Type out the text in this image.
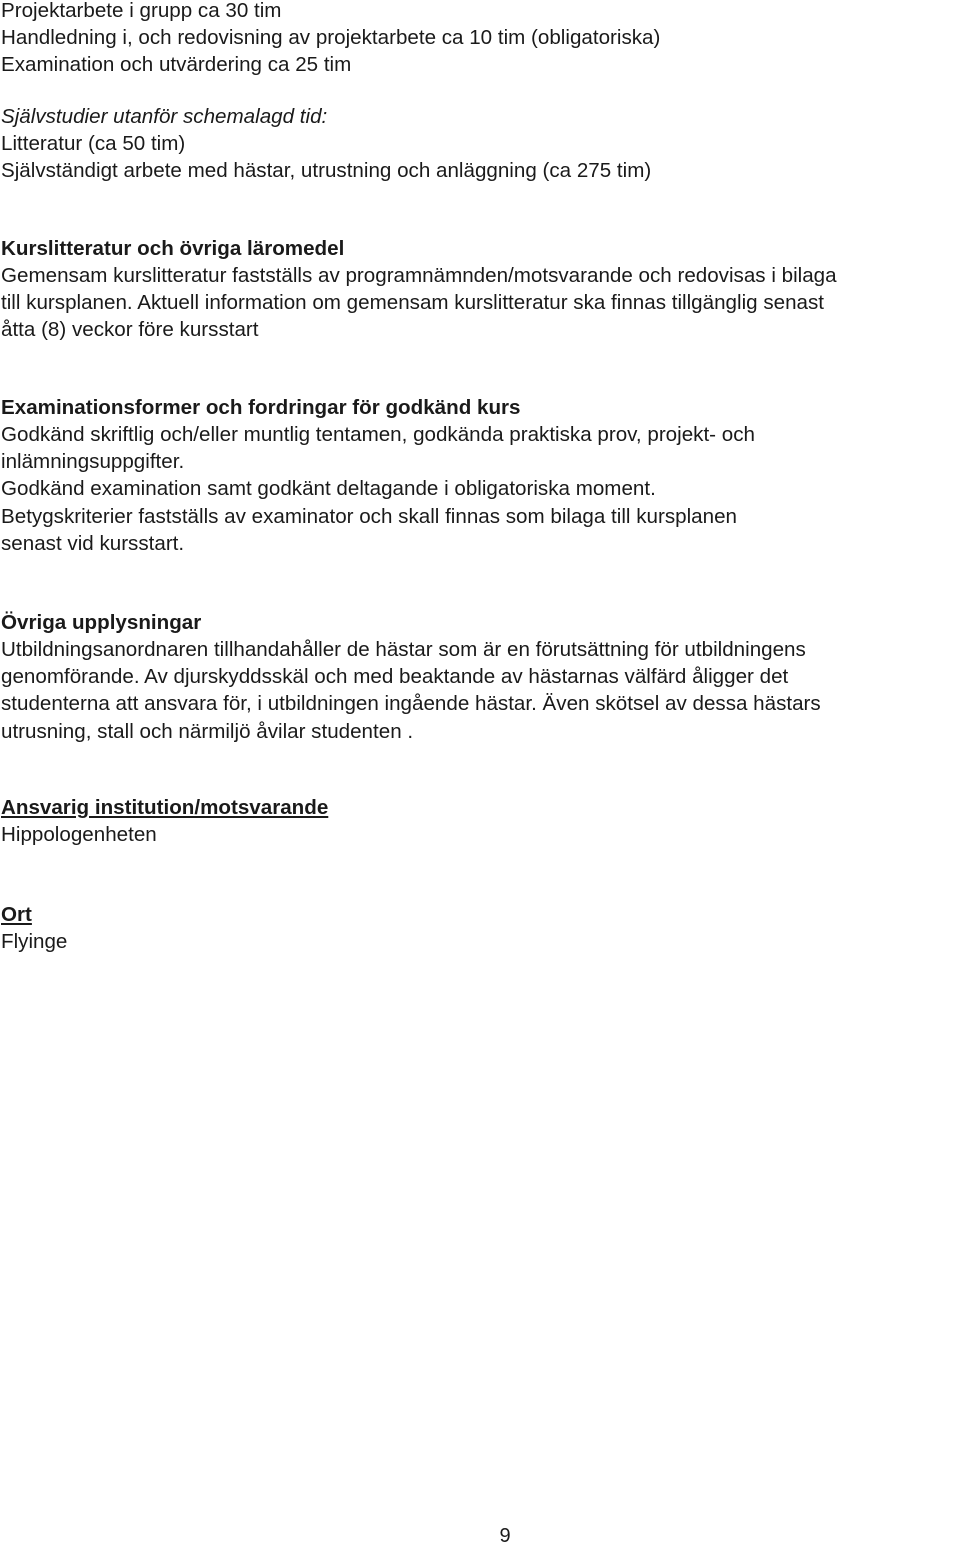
Projektarbete i grupp ca 30 tim

Handledning i, och redovisning av projektarbete ca 10 tim (obligatoriska)

Examination och utvärdering ca 25 tim

Självstudier utanför schemalagd tid:

Litteratur (ca 50 tim)

Självständigt arbete med hästar, utrustning och anläggning (ca 275 tim)

Kurslitteratur och övriga läromedel

Gemensam kurslitteratur fastställs av programnämnden/motsvarande och redovisas i bilaga

till kursplanen. Aktuell information om gemensam kurslitteratur ska finnas tillgänglig senast

åtta (8) veckor före kursstart

Examinationsformer och fordringar för godkänd kurs

Godkänd skriftlig och/eller muntlig tentamen, godkända praktiska prov, projekt- och

inlämningsuppgifter.

Godkänd examination samt godkänt deltagande i obligatoriska moment.

Betygskriterier fastställs av examinator och skall finnas som bilaga till kursplanen

senast vid kursstart.

Övriga upplysningar

Utbildningsanordnaren tillhandahåller de hästar som är en förutsättning för utbildningens

genomförande. Av djurskyddsskäl och med beaktande av hästarnas välfärd åligger det

studenterna att ansvara för, i utbildningen ingående hästar. Även skötsel av dessa hästars

utrusning, stall och närmiljö åvilar studenten .

Ansvarig institution/motsvarande

Hippologenheten

Ort

Flyinge

9
